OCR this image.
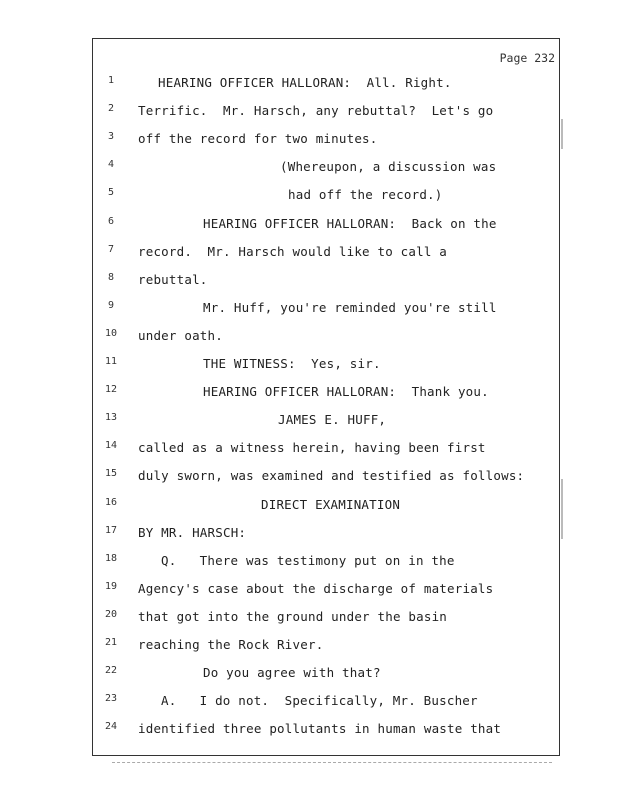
Page 232
1	HEARING OFFICER HALLORAN:  All. Right.
2	Terrific.  Mr. Harsch, any rebuttal?  Let's go
3	off the record for two minutes.
4	(Whereupon, a discussion was
5	had off the record.)
6	HEARING OFFICER HALLORAN:  Back on the
7	record.  Mr. Harsch would like to call a
8	rebuttal.
9	Mr. Huff, you're reminded you're still
10	under oath.
11	THE WITNESS:  Yes, sir.
12	HEARING OFFICER HALLORAN:  Thank you.
13	JAMES E. HUFF,
14	called as a witness herein, having been first
15	duly sworn, was examined and testified as follows:
16	DIRECT EXAMINATION
17	BY MR. HARSCH:
18	Q.   There was testimony put on in the
19	Agency's case about the discharge of materials
20	that got into the ground under the basin
21	reaching the Rock River.
22	Do you agree with that?
23	A.   I do not.  Specifically, Mr. Buscher
24	identified three pollutants in human waste that
